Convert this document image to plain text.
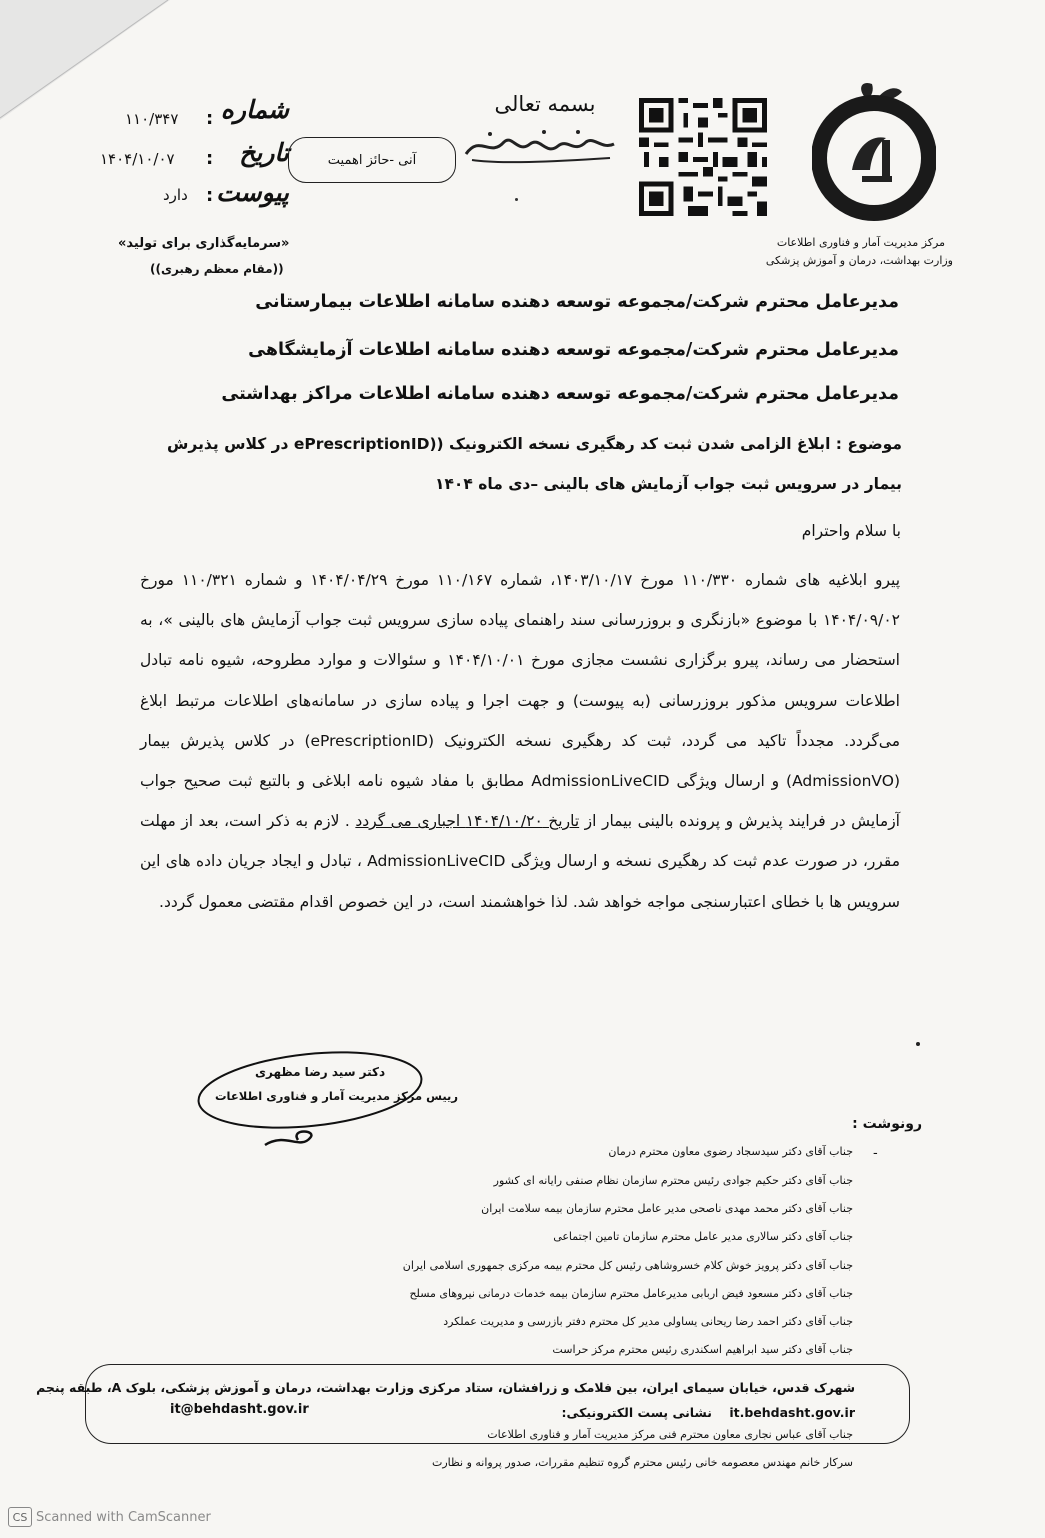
مرکز مدیریت آمار و فناوری اطلاعات
وزارت بهداشت، درمان و آموزش پزشکی
بسمه تعالی
آنی -حائز اهمیت
شماره
تاریخ
پیوست
:
:
:
۱۱۰/۳۴۷
۱۴۰۴/۱۰/۰۷
دارد
«سرمایه‌گذاری برای تولید»
((مقام معظم رهبری))
مدیرعامل محترم شرکت/مجموعه توسعه دهنده سامانه اطلاعات بیمارستانی
مدیرعامل محترم شرکت/مجموعه توسعه دهنده سامانه اطلاعات آزمایشگاهی
مدیرعامل محترم شرکت/مجموعه توسعه دهنده سامانه اطلاعات مراکز بهداشتی
موضوع : ابلاغ الزامی شدن ثبت کد رهگیری نسخه الکترونیک ((ePrescriptionID در کلاس پذیرش بیمار در سرویس ثبت جواب آزمایش های بالینی –دی ماه ۱۴۰۴
با سلام واحترام
پیرو ابلاغیه های شماره ۱۱۰/۳۳۰ مورخ ۱۴۰۳/۱۰/۱۷، شماره ۱۱۰/۱۶۷ مورخ ۱۴۰۴/۰۴/۲۹ و شماره ۱۱۰/۳۲۱ مورخ ۱۴۰۴/۰۹/۰۲ با موضوع «بازنگری و بروزرسانی سند راهنمای پیاده سازی سرویس ثبت جواب آزمایش های بالینی »، به استحضار می رساند، پیرو برگزاری نشست مجازی مورخ ۱۴۰۴/۱۰/۰۱ و سئوالات و موارد مطروحه، شیوه نامه تبادل اطلاعات سرویس مذکور بروزرسانی (به پیوست) و جهت اجرا و پیاده سازی در سامانه‌های اطلاعات مرتبط ابلاغ می‌گردد. مجدداً تاکید می گردد، ثبت کد رهگیری نسخه الکترونیک (ePrescriptionID) در کلاس پذیرش بیمار (AdmissionVO) و ارسال ویژگی AdmissionLiveCID مطابق با مفاد شیوه نامه ابلاغی و بالتبع ثبت صحیح جواب آزمایش در فرایند پذیرش و پرونده بالینی بیمار از تاریخ ۱۴۰۴/۱۰/۲۰ اجباری می گردد . لازم به ذکر است، بعد از مهلت مقرر، در صورت عدم ثبت کد رهگیری نسخه و ارسال ویژگی AdmissionLiveCID ، تبادل و ایجاد جریان داده های این سرویس ها با خطای اعتبارسنجی مواجه خواهد شد. لذا خواهشمند است، در این خصوص اقدام مقتضی معمول گردد.
دکتر سید رضا مظهری
رییس مرکز مدیریت آمار و فناوری اطلاعات
رونوشت :
-
جناب آقای دکتر سیدسجاد رضوی معاون محترم درمان
جناب آقای دکتر حکیم جوادی رئیس محترم سازمان نظام صنفی رایانه ای کشور
جناب آقای دکتر محمد مهدی ناصحی مدیر عامل محترم سازمان بیمه سلامت ایران
جناب آقای دکتر سالاری مدیر عامل محترم سازمان تامین اجتماعی
جناب آقای دکتر پرویز خوش کلام خسروشاهی رئیس کل محترم بیمه مرکزی جمهوری اسلامی ایران
جناب آقای دکتر مسعود فیض اربابی مدیرعامل محترم سازمان بیمه خدمات درمانی نیروهای مسلح
جناب آقای دکتر احمد رضا ریحانی یساولی مدیر کل محترم دفتر بازرسی و مدیریت عملکرد
جناب آقای دکتر سید ابراهیم اسکندری رئیس محترم مرکز حراست
جناب آقای عباس نجاری معاون محترم فنی مرکز مدیریت آمار و فناوری اطلاعات
سرکار خانم مهندس معصومه خانی رئیس محترم گروه تنظیم مقررات، صدور پروانه و نظارت
شهرک قدس، خیابان سیمای ایران، بین فلامک و زرافشان، ستاد مرکزی وزارت بهداشت، درمان و آموزش پزشکی، بلوک A، طبقه پنجم
it.behdasht.gov.ir    نشانی پست الکترونیکی:
it@behdasht.gov.ir
CS Scanned with CamScanner
